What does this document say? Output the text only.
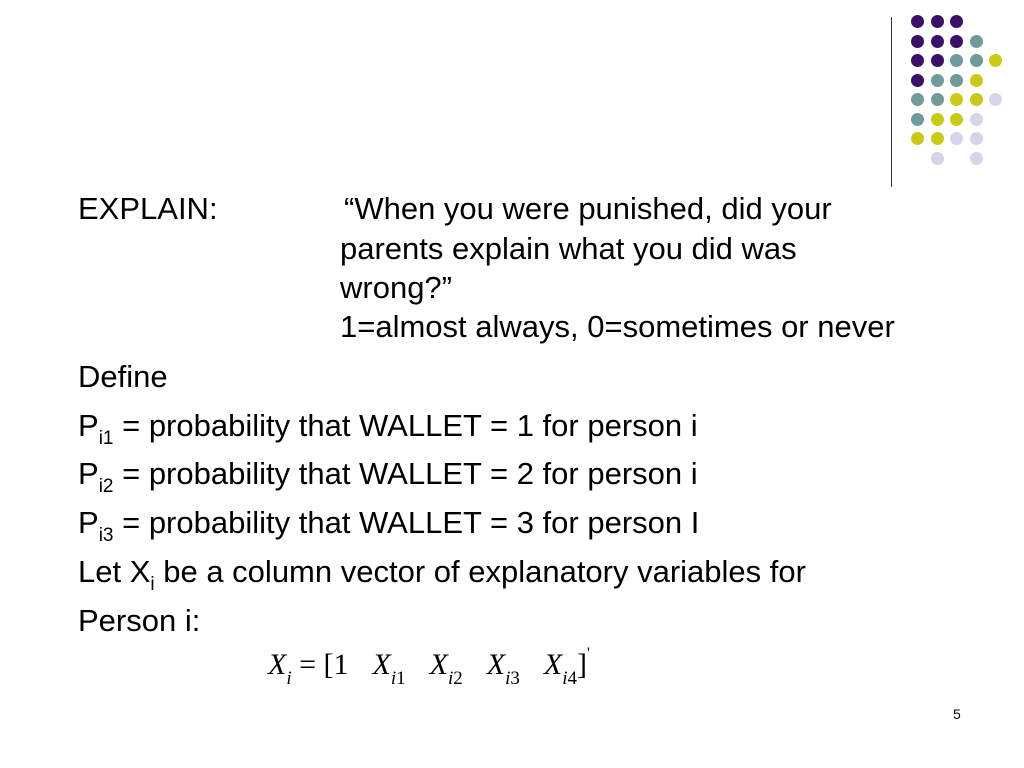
EXPLAIN:	“When you were punished, did your
parents explain what you did was
wrong?”
1=almost always, 0=sometimes or never
Define
$P_{i1}$ = probability that WALLET = 1 for person i
$P_{i2}$ = probability that WALLET = 2 for person i
$P_{i3}$ = probability that WALLET = 3 for person I
Let $X_i$ be a column vector of explanatory variables for
Person i:
$X_i = [1$ $X_{i1}$ $X_{i2}$ $X_{i3}$ $X_{i4}]'$
5
